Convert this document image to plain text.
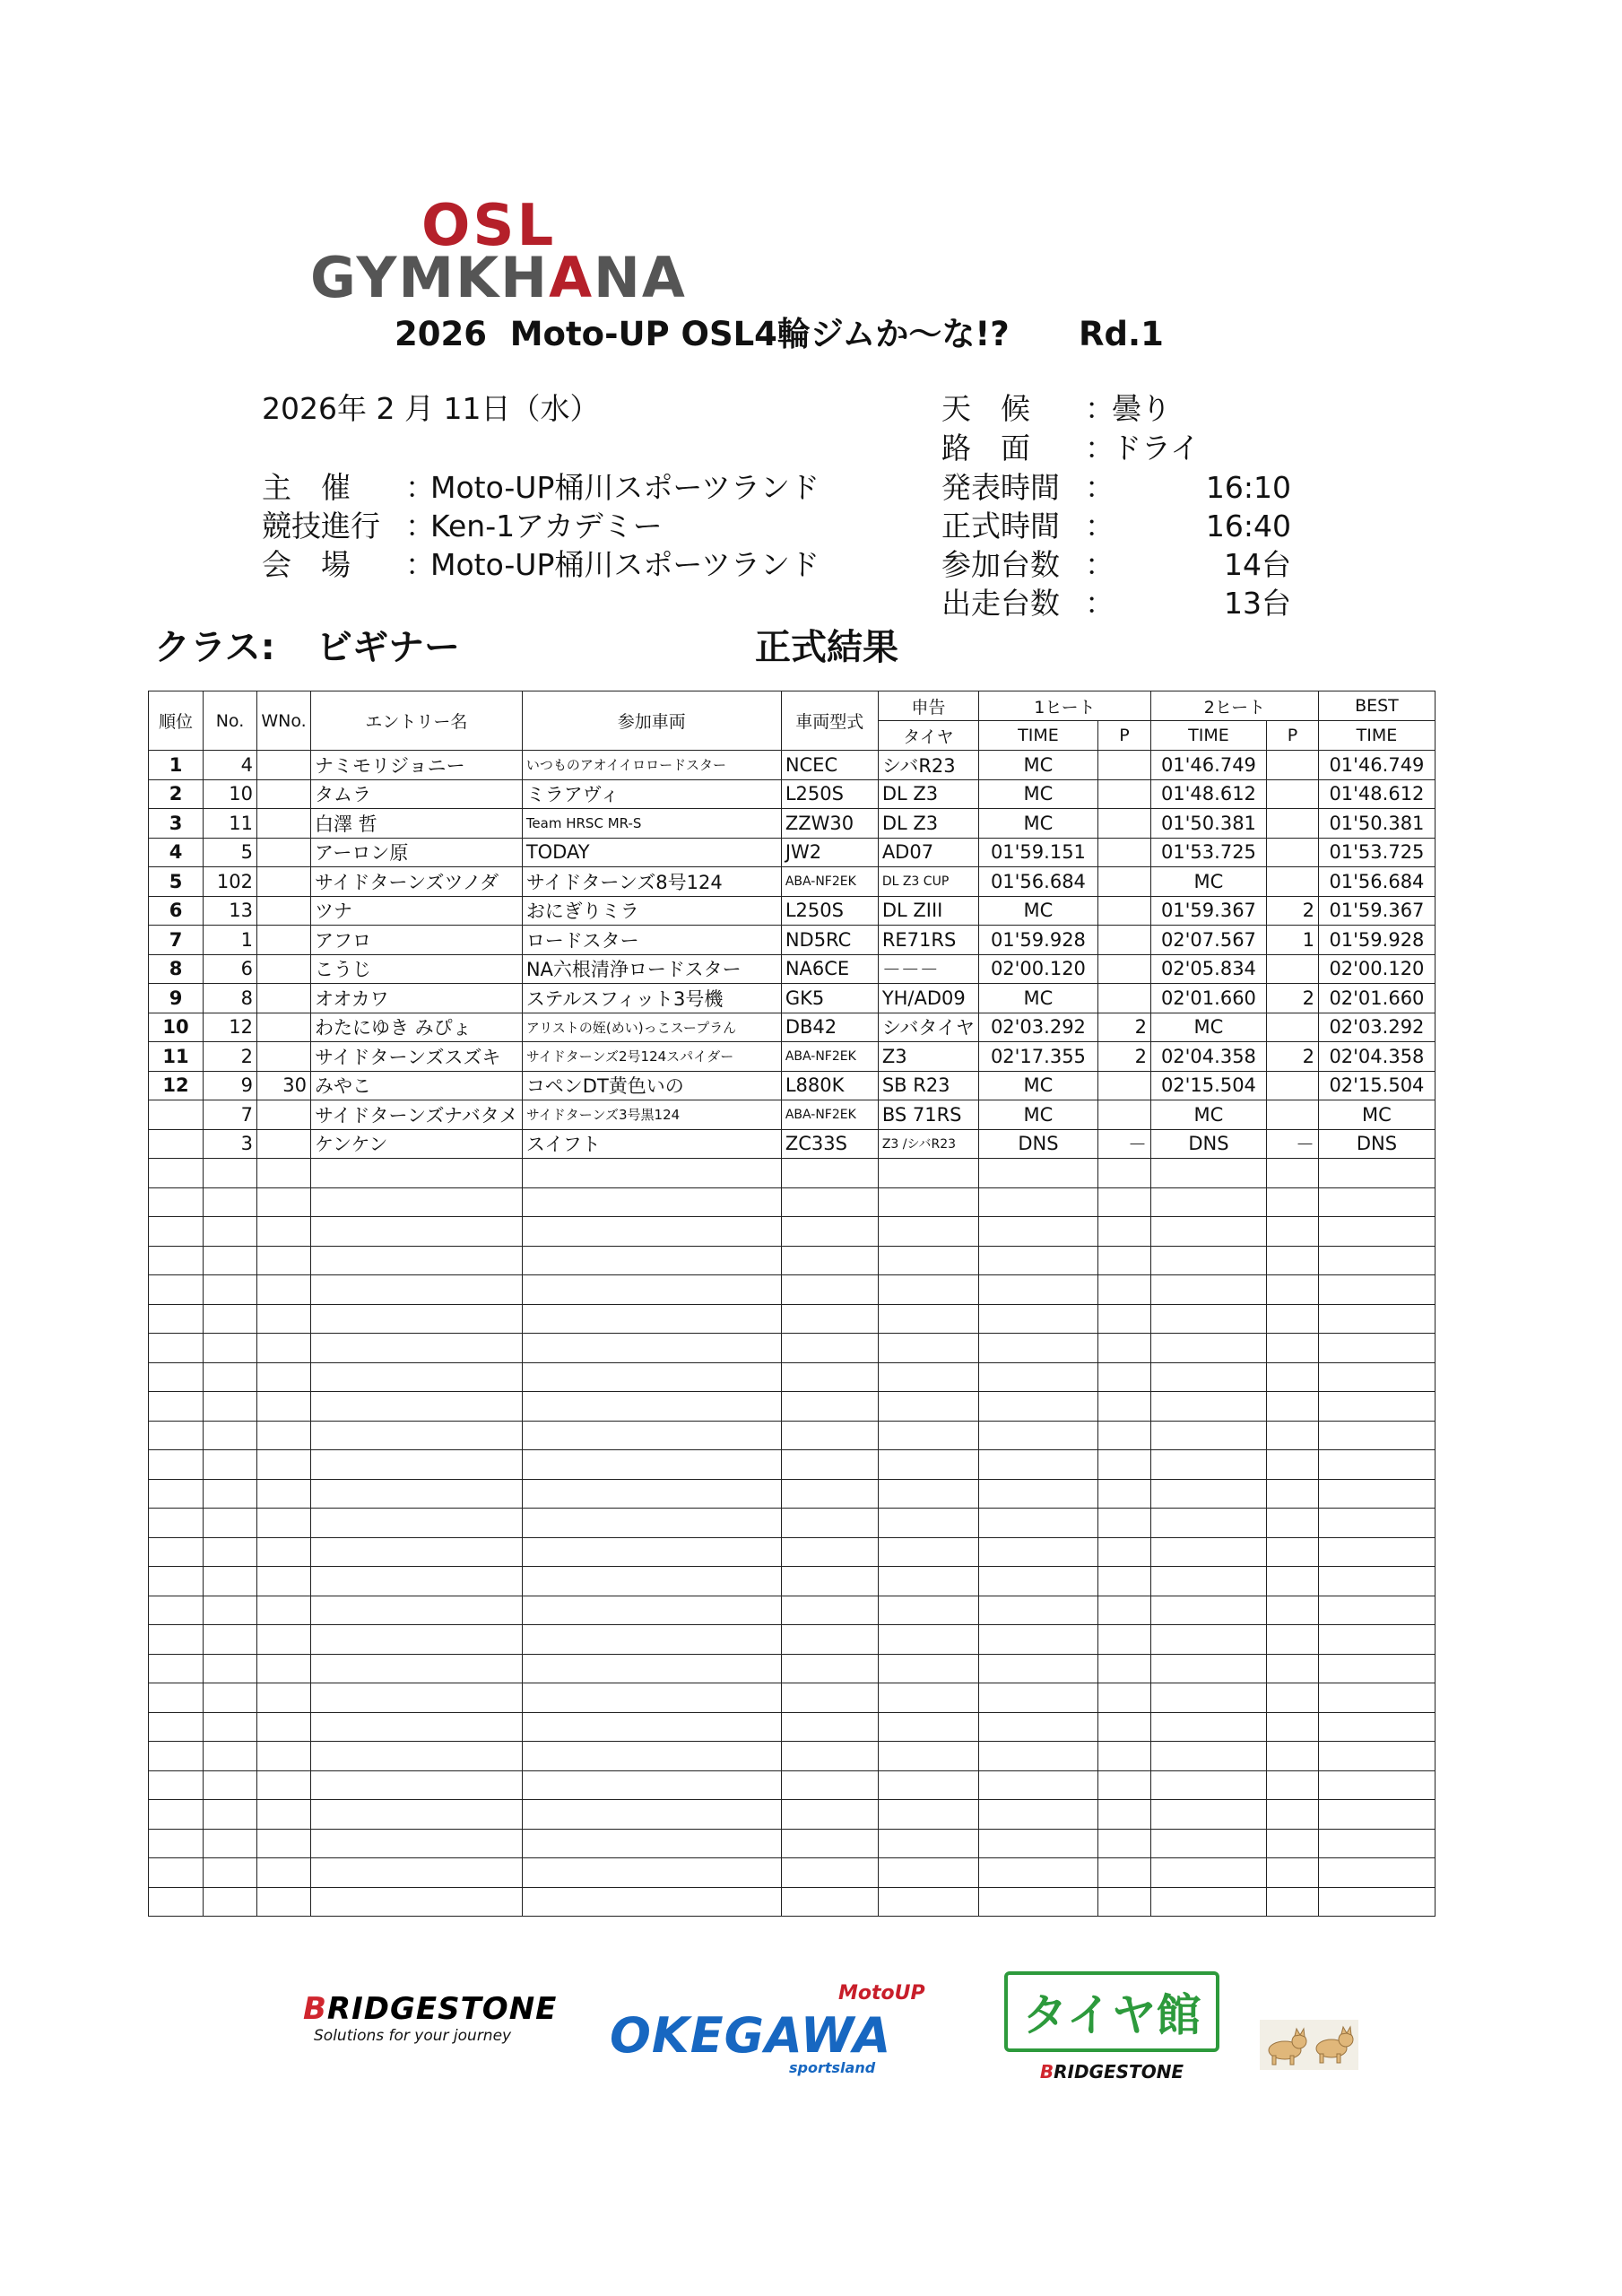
OSL
GYMKHANA
2026  Moto-UP OSL4輪ジムか～な!?      Rd.1
2026年 2 月 11日（水）
主　催 ：Moto-UP桶川スポーツランド
競技進行 ：Ken-1アカデミー
会　場 ：Moto-UP桶川スポーツランド
天　候 ：曇り
路　面 ：ドライ
発表時間 ：	16:10
正式時間 ：	16:40
参加台数 ：	14台
出走台数 ：	13台
クラス: ビギナー	正式結果
順位	No.	WNo.	エントリー名	参加車両	車両型式	申告	1ヒート		2ヒート		BEST
						タイヤ	TIME	P	TIME	P	TIME
1	4		ナミモリジョニー	いつものアオイイロロードスター	NCEC	シバR23	MC		01'46.749		01'46.749
2	10		タムラ	ミラアヴィ	L250S	DL Z3	MC		01'48.612		01'48.612
3	11		白澤 哲	Team HRSC MR-S	ZZW30	DL Z3	MC		01'50.381		01'50.381
4	5		アーロン原	TODAY	JW2	AD07	01'59.151		01'53.725		01'53.725
5	102		サイドターンズツノダ	サイドターンズ8号124	ABA-NF2EK	DL Z3 CUP	01'56.684		MC		01'56.684
6	13		ツナ	おにぎりミラ	L250S	DL ZIII	MC		01'59.367	2	01'59.367
7	1		アフロ	ロードスター	ND5RC	RE71RS	01'59.928		02'07.567	1	01'59.928
8	6		こうじ	NA六根清浄ロードスター	NA6CE	－－－	02'00.120		02'05.834		02'00.120
9	8		オオカワ	ステルスフィット3号機	GK5	YH/AD09	MC		02'01.660	2	02'01.660
10	12		わたにゆき みぴょ	アリストの姪(めい)っこスープラん	DB42	シバタイヤ	02'03.292	2	MC		02'03.292
11	2		サイドターンズスズキ	サイドターンズ2号124スパイダー	ABA-NF2EK	Z3	02'17.355	2	02'04.358	2	02'04.358
12	9	30	みやこ	コペンDT黄色いの	L880K	SB R23	MC		02'15.504		02'15.504
	7		サイドターンズナバタメ	サイドターンズ3号黒124	ABA-NF2EK	BS 71RS	MC		MC		MC
	3		ケンケン	スイフト	ZC33S	Z3 /シバR23	DNS	－	DNS	－	DNS

BRIDGESTONE
Solutions for your journey
MotoUP
OKEGAWA
sportsland
タイヤ館
BRIDGESTONE
